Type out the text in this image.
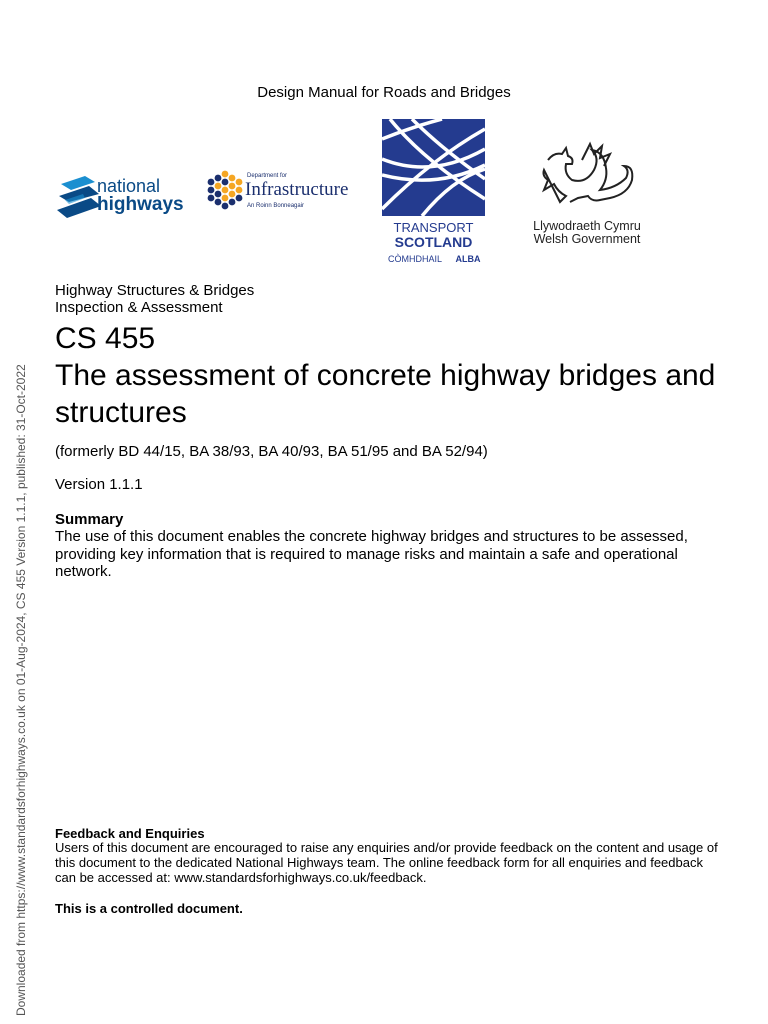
Design Manual for Roads and Bridges
national
highways
Department for
Infrastructure
An Roinn Bonneagair
TRANSPORT
SCOTLAND
CÒMHDHAIL ALBA
Llywodraeth Cymru
Welsh Government
Highway Structures & Bridges
Inspection & Assessment
CS 455
The assessment of concrete highway bridges and structures
(formerly BD 44/15, BA 38/93, BA 40/93, BA 51/95 and BA 52/94)
Version 1.1.1
Summary
The use of this document enables the concrete highway bridges and structures to be assessed, providing key information that is required to manage risks and maintain a safe and operational network.
Feedback and Enquiries
Users of this document are encouraged to raise any enquiries and/or provide feedback on the content and usage of this document to the dedicated National Highways team. The online feedback form for all enquiries and feedback can be accessed at: www.standardsforhighways.co.uk/feedback.
This is a controlled document.
Downloaded from https://www.standardsforhighways.co.uk on 01-Aug-2024, CS 455 Version 1.1.1, published: 31-Oct-2022
